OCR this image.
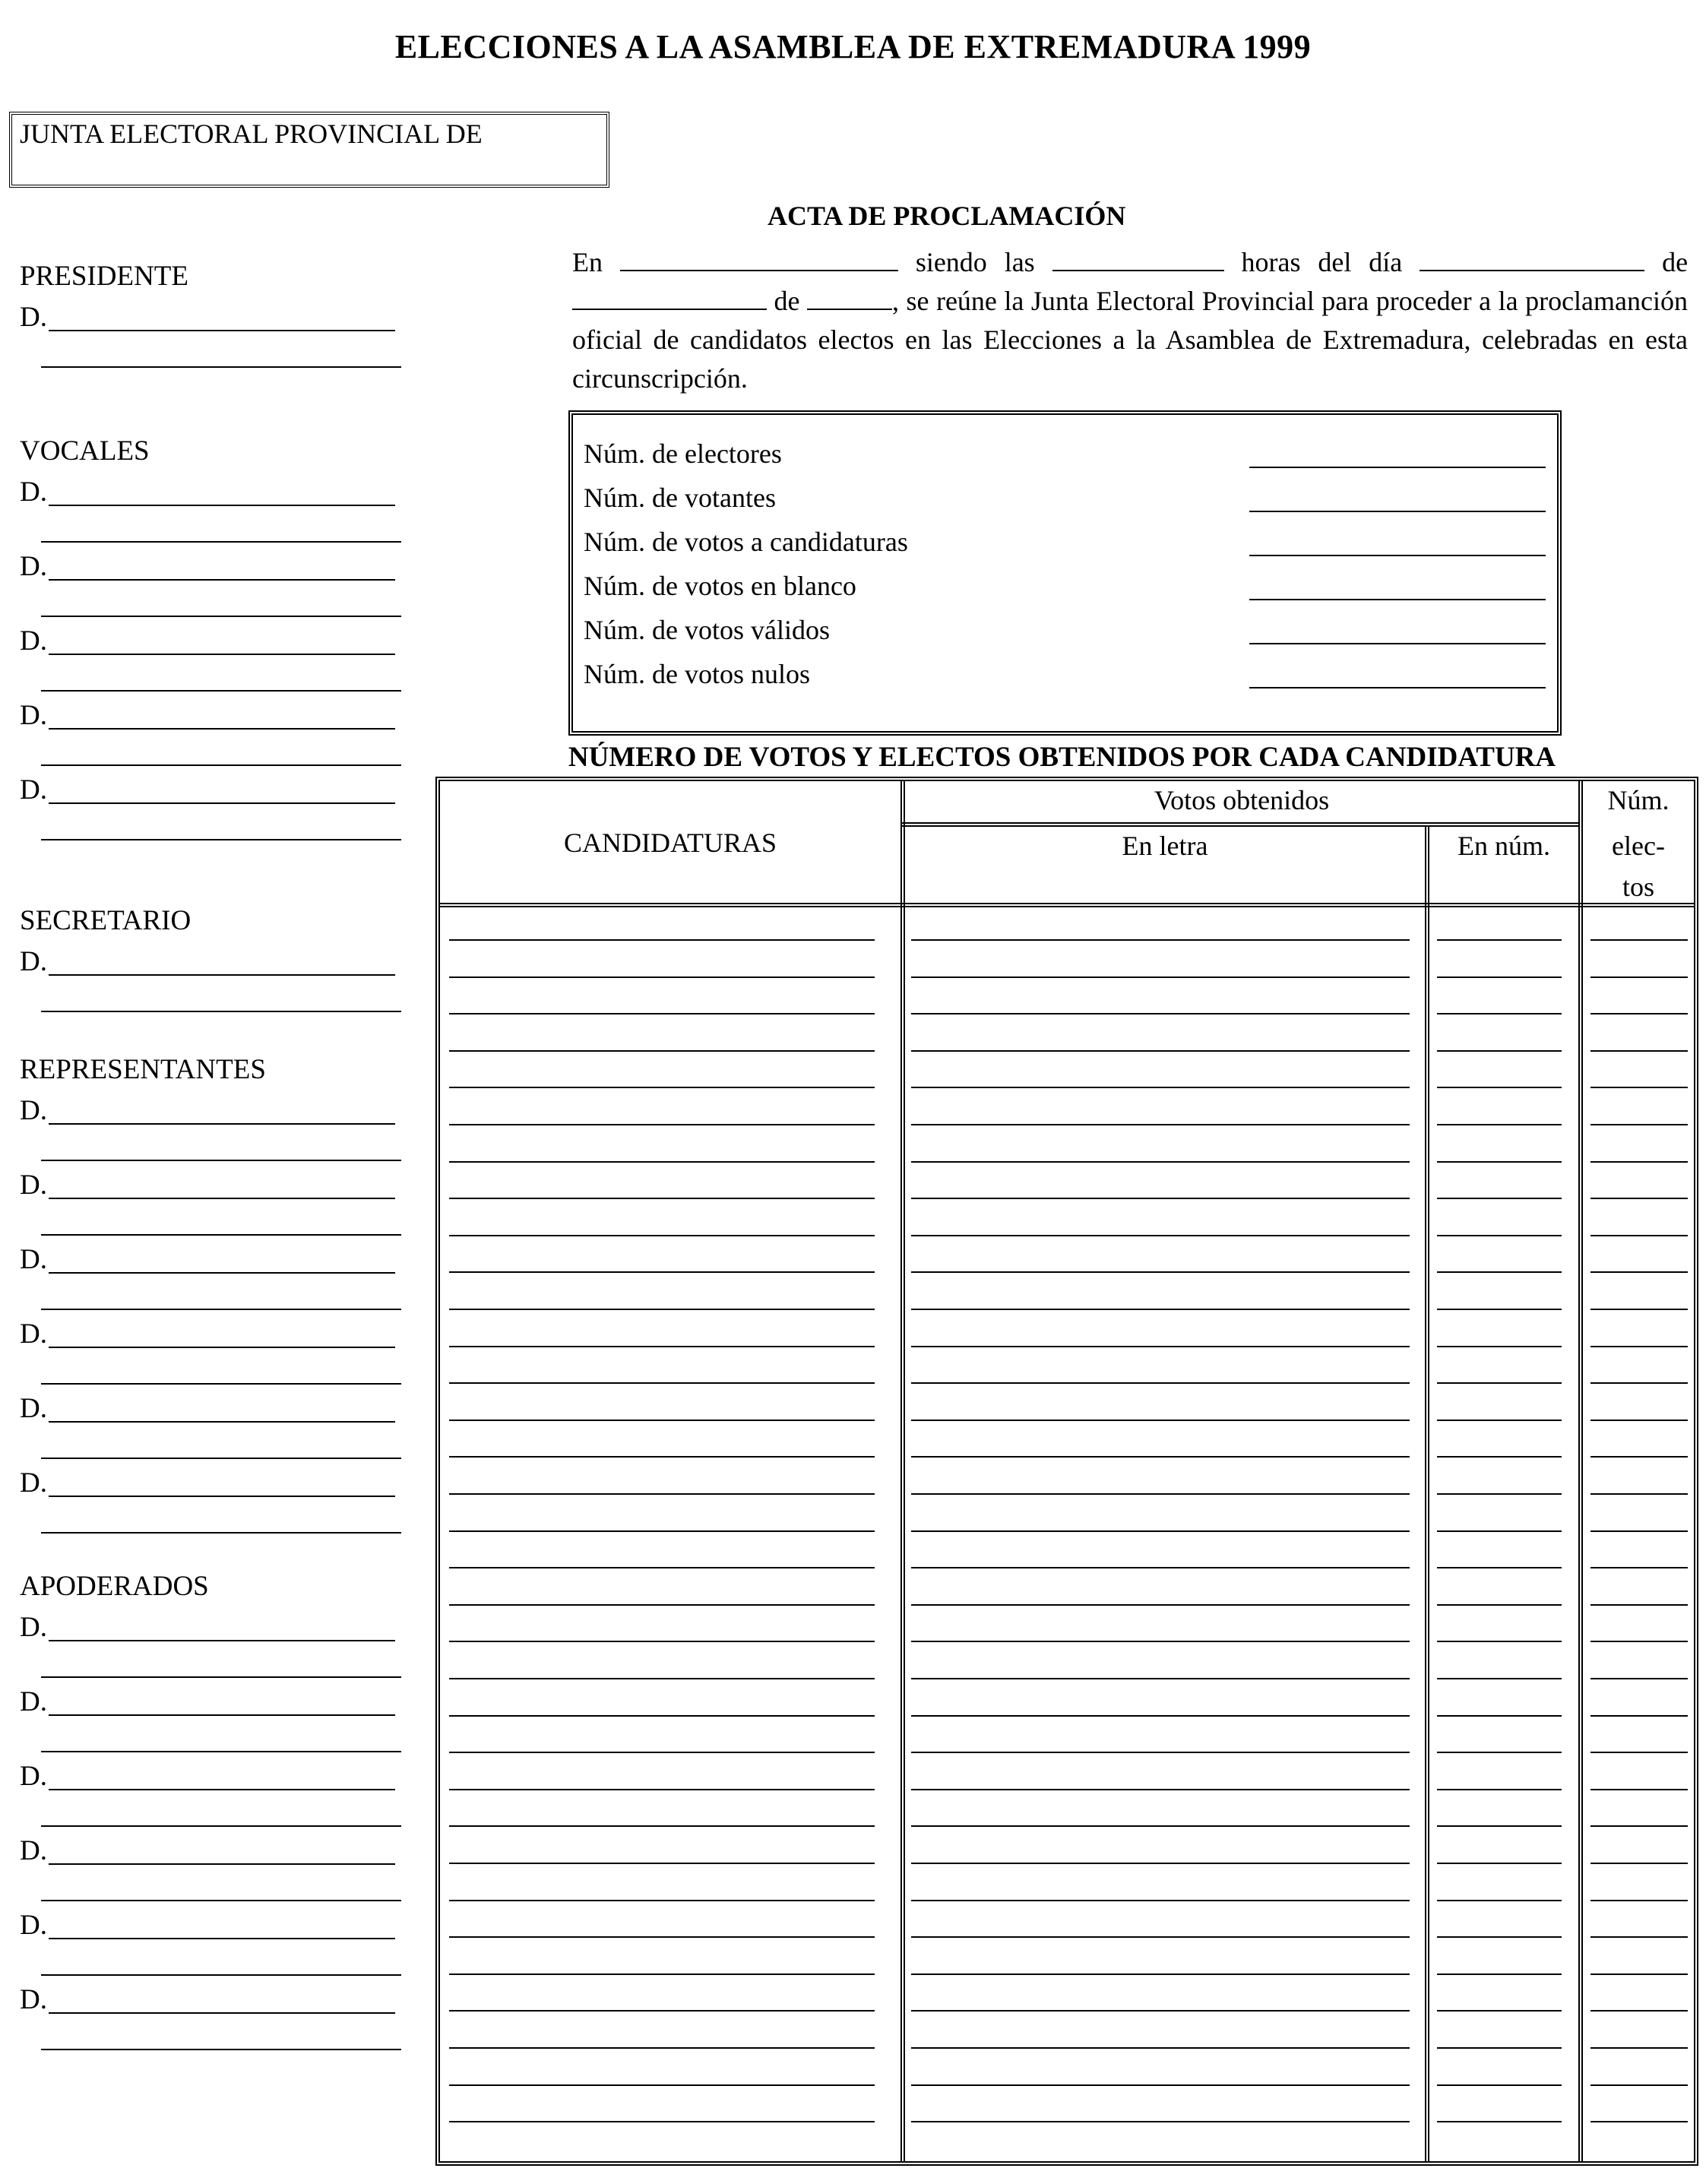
ELECCIONES A LA ASAMBLEA DE EXTREMADURA 1999
JUNTA ELECTORAL PROVINCIAL DE
PRESIDENTE
D.
VOCALES
D.
D.
D.
D.
D.
SECRETARIO
D.
REPRESENTANTES
D.
D.
D.
D.
D.
D.
APODERADOS
D.
D.
D.
D.
D.
D.
ACTA DE PROCLAMACIÓN
En	siendo las	horas del día	de  de	, se reúne la Junta Electoral Provincial para proceder a la proclamanción oficial de candidatos electos en las Elecciones a la Asamblea de Extremadura, celebradas en esta circunscripción.
Núm. de electores
Núm. de votantes
Núm. de votos a candidaturas
Núm. de votos en blanco
Núm. de votos válidos
Núm. de votos nulos
NÚMERO DE VOTOS Y ELECTOS OBTENIDOS POR CADA CANDIDATURA
CANDIDATURAS
Votos obtenidos
En letra	En núm.
Núm.
elec-
tos
